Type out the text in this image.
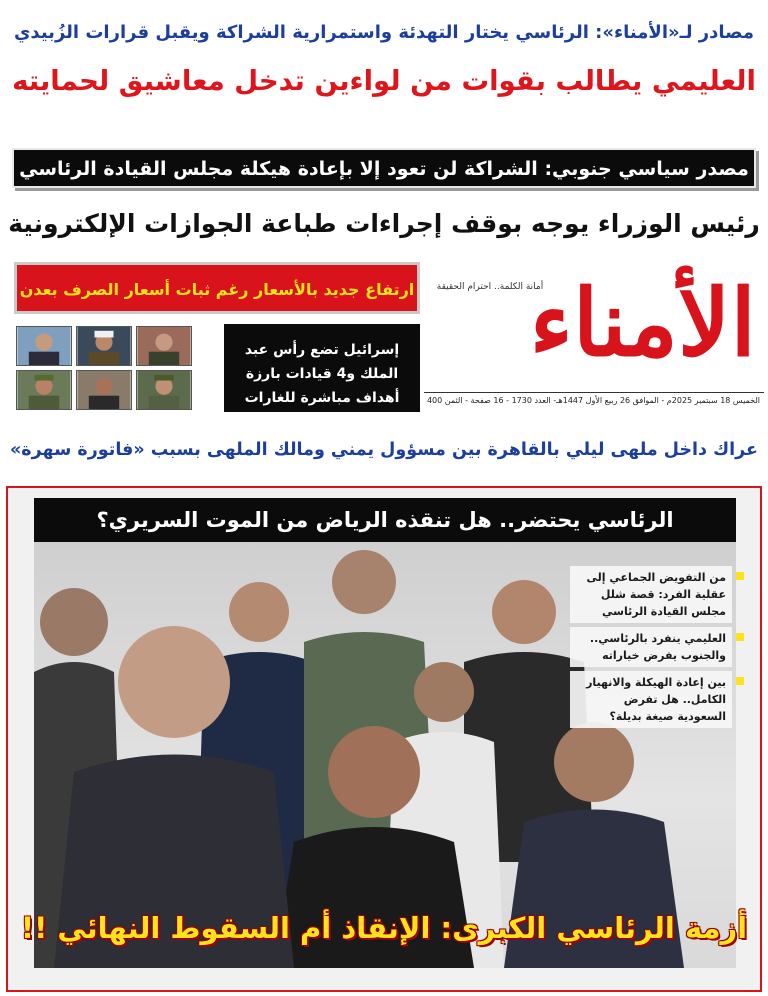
مصادر لـ«الأمناء»: الرئاسي يختار التهدئة واستمرارية الشراكة ويقبل قرارات الزُبيدي
العليمي يطالب بقوات من لواءين تدخل معاشيق لحمايته
مصدر سياسي جنوبي: الشراكة لن تعود إلا بإعادة هيكلة مجلس القيادة الرئاسي
رئيس الوزراء يوجه بوقف إجراءات طباعة الجوازات الإلكترونية
الأمناء
أمانة الكلمة.. احترام الحقيقة
الخميس 18 سبتمبر 2025م - الموافق 26 ربيع الأول 1447هـ- العدد 1730 - 16 صفحة - الثمن 400
ارتفاع جديد بالأسعار رغم ثبات أسعار الصرف بعدن
إسرائيل تضع رأس عبد الملك و4 قيادات بارزة أهداف مباشرة للغارات الجوية
عراك داخل ملهى ليلي بالقاهرة بين مسؤول يمني ومالك الملهى بسبب «فاتورة سهرة»
الرئاسي يحتضر.. هل تنقذه الرياض من الموت السريري؟
من التفويض الجماعي إلى عقلية الفرد: قصة شلل مجلس القيادة الرئاسي
العليمي ينفرد بالرئاسي.. والجنوب يفرض خياراته
بين إعادة الهيكلة والانهيار الكامل.. هل تفرض السعودية صيغة بديلة؟
أزمة الرئاسي الكبرى: الإنقاذ أم السقوط النهائي !!
